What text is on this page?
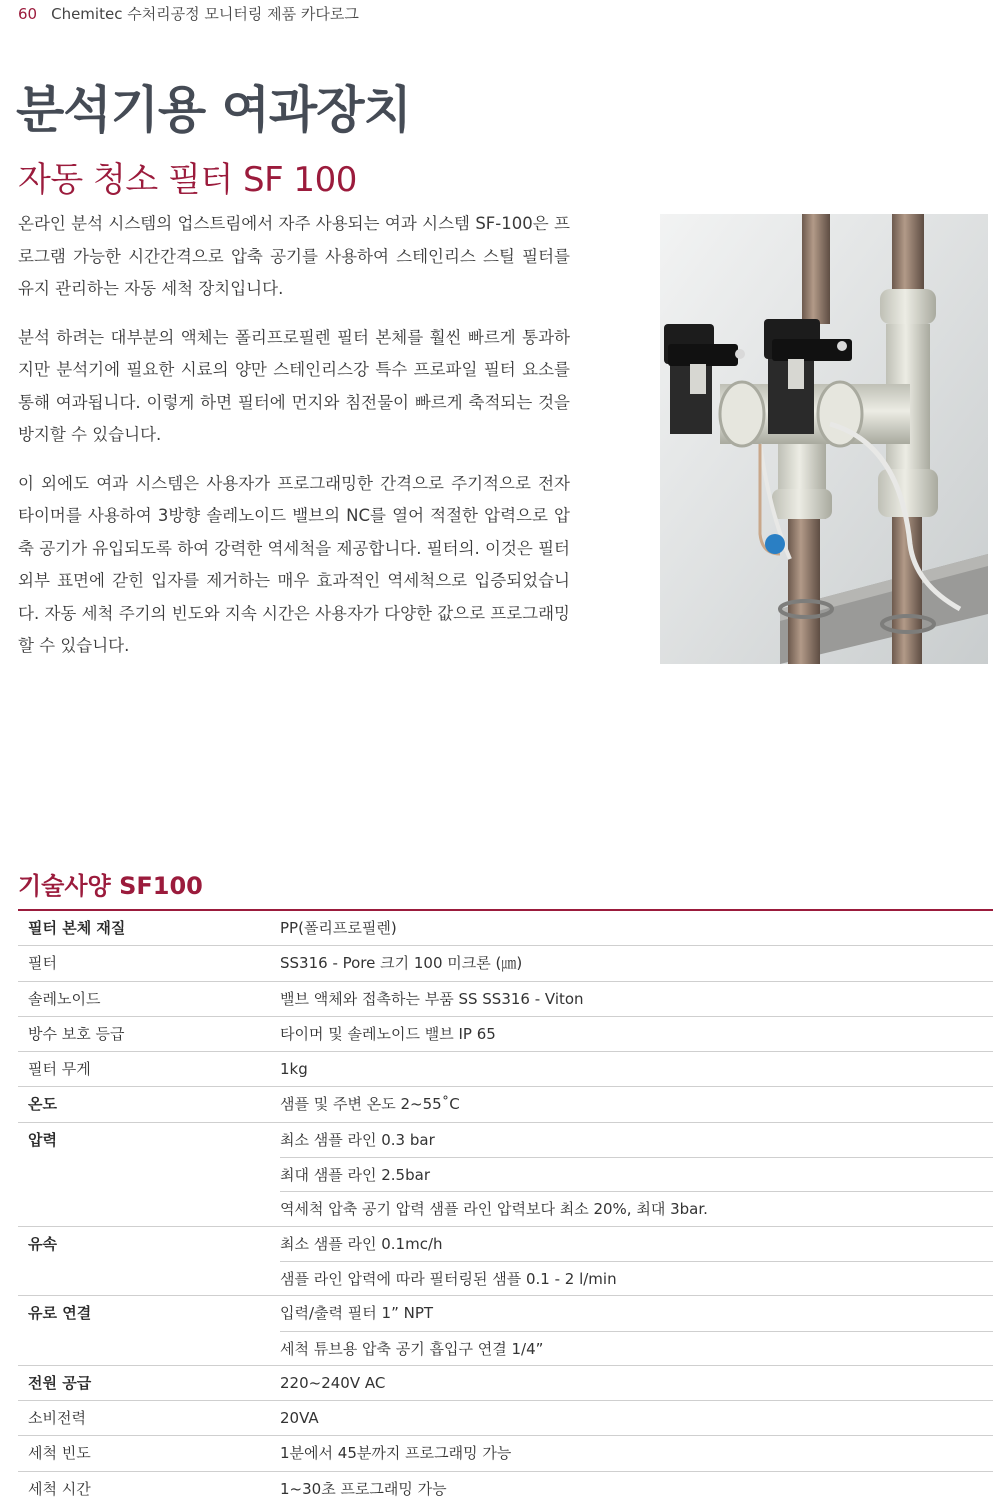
60 Chemitec 수처리공정 모니터링 제품 카다로그
분석기용 여과장치
자동 청소 필터 SF 100

온라인 분석 시스템의 업스트림에서 자주 사용되는 여과 시스템 SF-100은 프로그램 가능한 시간간격으로 압축 공기를 사용하여 스테인리스 스틸 필터를 유지 관리하는 자동 세척 장치입니다.

분석 하려는 대부분의 액체는 폴리프로필렌 필터 본체를 훨씬 빠르게 통과하지만 분석기에 필요한 시료의 양만 스테인리스강 특수 프로파일 필터 요소를 통해 여과됩니다. 이렇게 하면 필터에 먼지와 침전물이 빠르게 축적되는 것을 방지할 수 있습니다.

이 외에도 여과 시스템은 사용자가 프로그래밍한 간격으로 주기적으로 전자 타이머를 사용하여 3방향 솔레노이드 밸브의 NC를 열어 적절한 압력으로 압축 공기가 유입되도록 하여 강력한 역세척을 제공합니다. 필터의. 이것은 필터 외부 표면에 갇힌 입자를 제거하는 매우 효과적인 역세척으로 입증되었습니다. 자동 세척 주기의 빈도와 지속 시간은 사용자가 다양한 값으로 프로그래밍할 수 있습니다.

기술사양 SF100
필터 본체 재질	PP(폴리프로필렌)
필터	SS316 - Pore 크기 100 미크론 (㎛)
솔레노이드	밸브 액체와 접촉하는 부품 SS SS316 - Viton
방수 보호 등급	타이머 및 솔레노이드 밸브 IP 65
필터 무게	1kg
온도	샘플 및 주변 온도 2~55˚C
압력	최소 샘플 라인 0.3 bar
최대 샘플 라인 2.5bar
역세척 압축 공기 압력 샘플 라인 압력보다 최소 20%, 최대 3bar.
유속	최소 샘플 라인 0.1mc/h
샘플 라인 압력에 따라 필터링된 샘플 0.1 - 2 l/min
유로 연결	입력/출력 필터 1” NPT
세척 튜브용 압축 공기 흡입구 연결 1/4”
전원 공급	220~240V AC
소비전력	20VA
세척 빈도	1분에서 45분까지 프로그래밍 가능
세척 시간	1~30초 프로그래밍 가능
